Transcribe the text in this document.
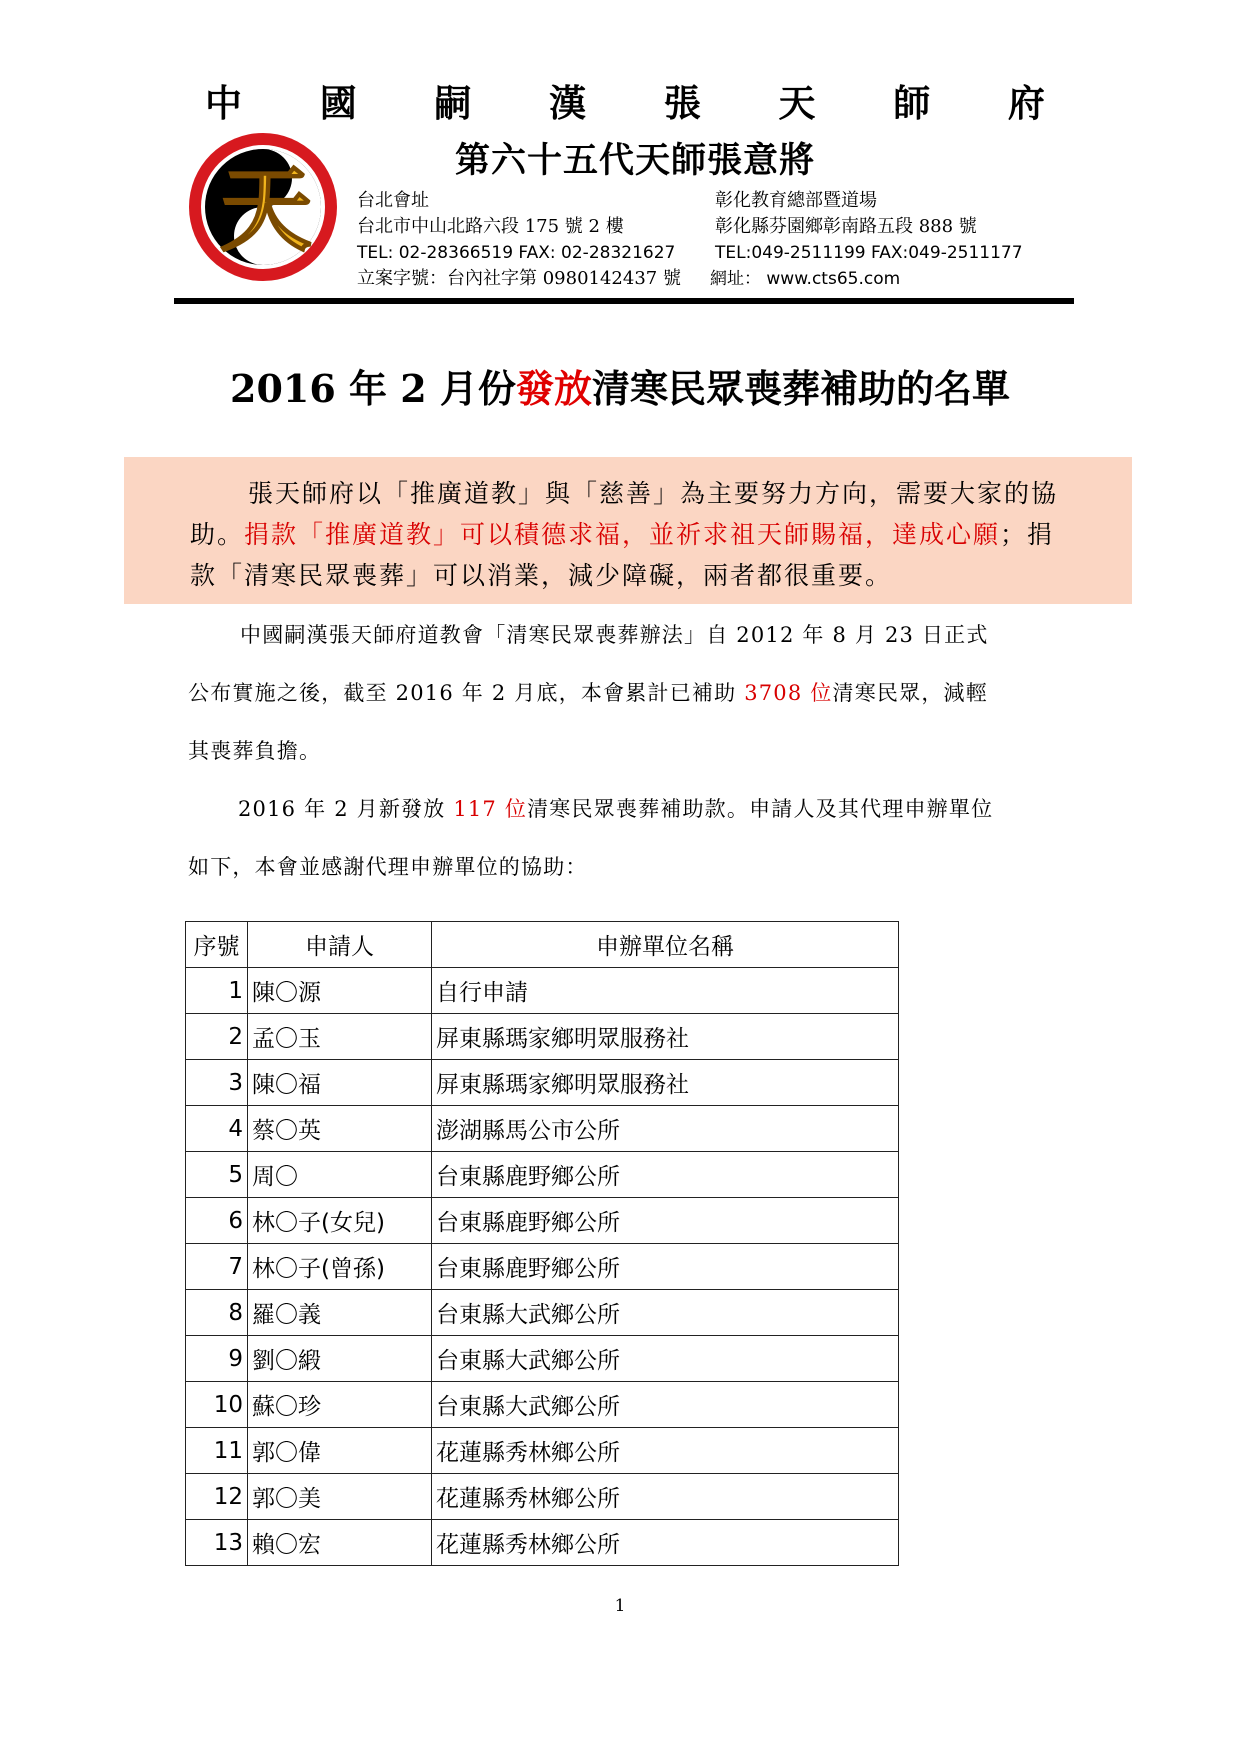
中 國 嗣 漢 張 天 師 府
天	第六十五代天師張意將
台北會址
台北市中山北路六段 175 號 2 樓
TEL: 02-28366519 FAX: 02-28321627
立案字號：台內社字第 0980142437 號
彰化教育總部暨道場
彰化縣芬園鄉彰南路五段 888 號
TEL:049-2511199 FAX:049-2511177
網址： www.cts65.com
2016 年 2 月份發放清寒民眾喪葬補助的名單

張天師府以「推廣道教」與「慈善」為主要努力方向，需要大家的協助。捐款「推廣道教」可以積德求福，並祈求祖天師賜福，達成心願；捐款「清寒民眾喪葬」可以消業，減少障礙，兩者都很重要。

中國嗣漢張天師府道教會「清寒民眾喪葬辦法」自 2012 年 8 月 23 日正式
公布實施之後，截至 2016 年 2 月底，本會累計已補助 3708 位清寒民眾，減輕
其喪葬負擔。
2016 年 2 月新發放 117 位清寒民眾喪葬補助款。申請人及其代理申辦單位
如下，本會並感謝代理申辦單位的協助：
序號	申請人	申辦單位名稱
1	陳〇源	自行申請
2	孟〇玉	屏東縣瑪家鄉明眾服務社
3	陳〇福	屏東縣瑪家鄉明眾服務社
4	蔡〇英	澎湖縣馬公市公所
5	周〇	台東縣鹿野鄉公所
6	林〇子(女兒)	台東縣鹿野鄉公所
7	林〇子(曾孫)	台東縣鹿野鄉公所
8	羅〇義	台東縣大武鄉公所
9	劉〇緞	台東縣大武鄉公所
10	蘇〇珍	台東縣大武鄉公所
11	郭〇偉	花蓮縣秀林鄉公所
12	郭〇美	花蓮縣秀林鄉公所
13	賴〇宏	花蓮縣秀林鄉公所
1
